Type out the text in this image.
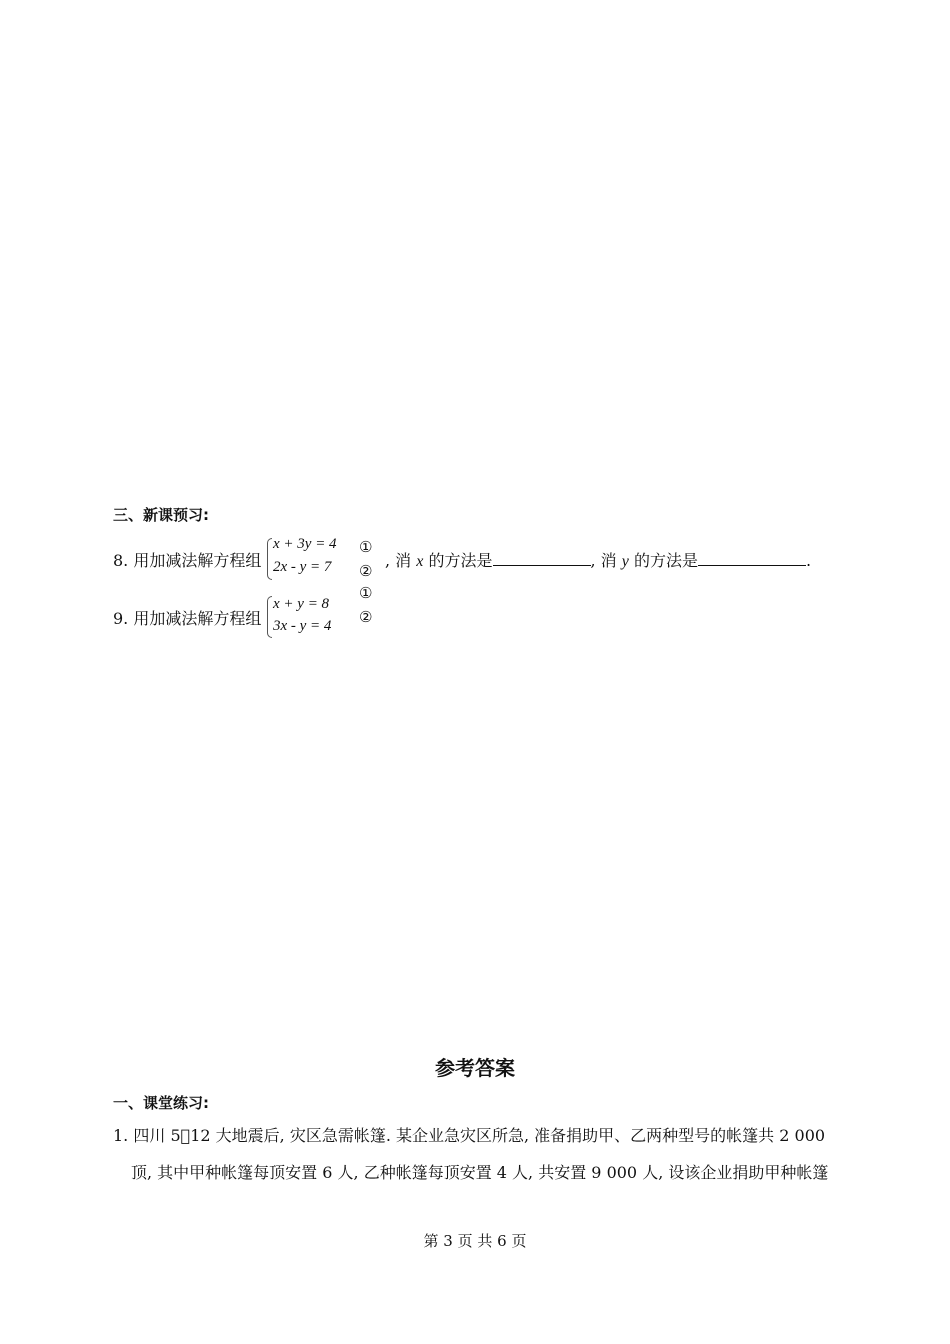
三、新课预习:
8. 用加减法解方程组
x + 3y = 4
2x - y = 7
①
②
, 消 x 的方法是	, 消 y 的方法是	.
9. 用加减法解方程组
x + y = 8
3x - y = 4
①
②
参考答案
一、课堂练习:
1. 四川 5􏰀12 大地震后, 灾区急需帐篷. 某企业急灾区所急, 准备捐助甲、乙两种型号的帐篷共 2 000
顶, 其中甲种帐篷每顶安置 6 人, 乙种帐篷每顶安置 4 人, 共安置 9 000 人, 设该企业捐助甲种帐篷
第 3 页 共 6 页
